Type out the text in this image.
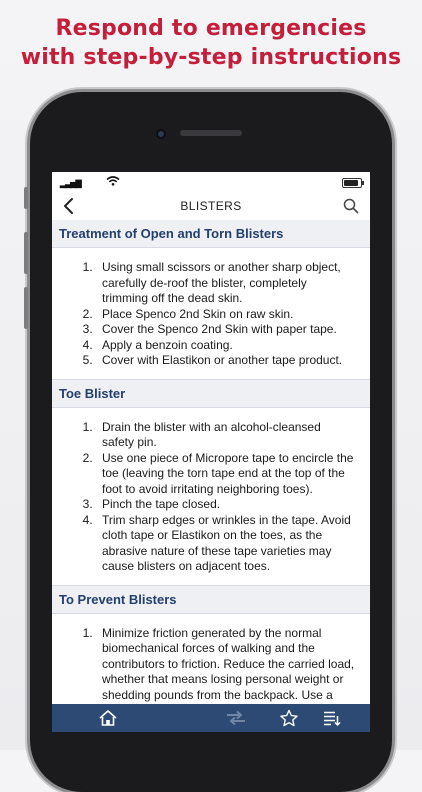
Respond to emergencies
with step-by-step instructions
▂▃▅▇
BLISTERS
Treatment of Open and Torn Blisters
1. Using small scissors or another sharp object, carefully de-roof the blister, completely trimming off the dead skin.
2. Place Spenco 2nd Skin on raw skin.
3. Cover the Spenco 2nd Skin with paper tape.
4. Apply a benzoin coating.
5. Cover with Elastikon or another tape product.
Toe Blister
1. Drain the blister with an alcohol-cleansed safety pin.
2. Use one piece of Micropore tape to encircle the toe (leaving the torn tape end at the top of the foot to avoid irritating neighboring toes).
3. Pinch the tape closed.
4. Trim sharp edges or wrinkles in the tape. Avoid cloth tape or Elastikon on the toes, as the abrasive nature of these tape varieties may cause blisters on adjacent toes.
To Prevent Blisters
1. Minimize friction generated by the normal biomechanical forces of walking and the contributors to friction. Reduce the carried load, whether that means losing personal weight or shedding pounds from the backpack. Use a
